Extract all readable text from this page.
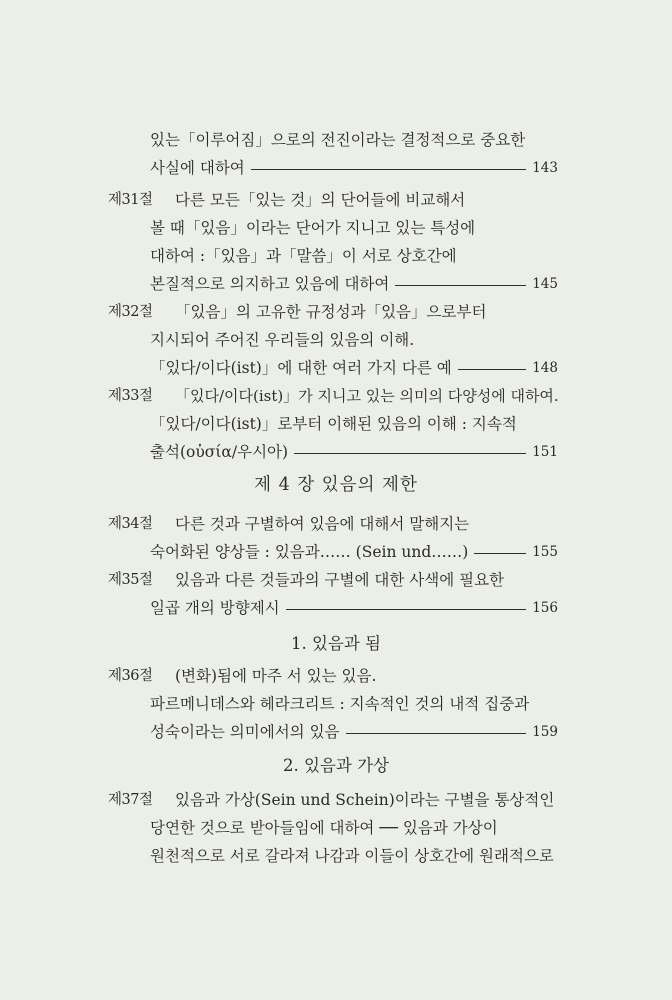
있는「이루어짐」으로의 전진이라는 결정적으로 중요한
사실에 대하여	143
제31절 다른 모든「있는 것」의 단어들에 비교해서
볼 때「있음」이라는 단어가 지니고 있는 특성에
대하여 :「있음」과「말씀」이 서로 상호간에
본질적으로 의지하고 있음에 대하여	145
제32절 「있음」의 고유한 규정성과「있음」으로부터
지시되어 주어진 우리들의 있음의 이해.
「있다/이다(ist)」에 대한 여러 가지 다른 예	148
제33절 「있다/이다(ist)」가 지니고 있는 의미의 다양성에 대하여.
「있다/이다(ist)」로부터 이해된 있음의 이해 : 지속적
출석(οὐσία/우시아)	151
제 4 장 있음의 제한
제34절 다른 것과 구별하여 있음에 대해서 말해지는
숙어화된 양상들 : 있음과…… (Sein und……)	155
제35절 있음과 다른 것들과의 구별에 대한 사색에 필요한
일곱 개의 방향제시	156
1. 있음과 됨
제36절 (변화)됨에 마주 서 있는 있음.
파르메니데스와 헤라크리트 : 지속적인 것의 내적 집중과
성숙이라는 의미에서의 있음	159
2. 있음과 가상
제37절 있음과 가상(Sein und Schein)이라는 구별을 통상적인
당연한 것으로 받아들임에 대하여 ── 있음과 가상이
원천적으로 서로 갈라져 나감과 이들이 상호간에 원래적으로
